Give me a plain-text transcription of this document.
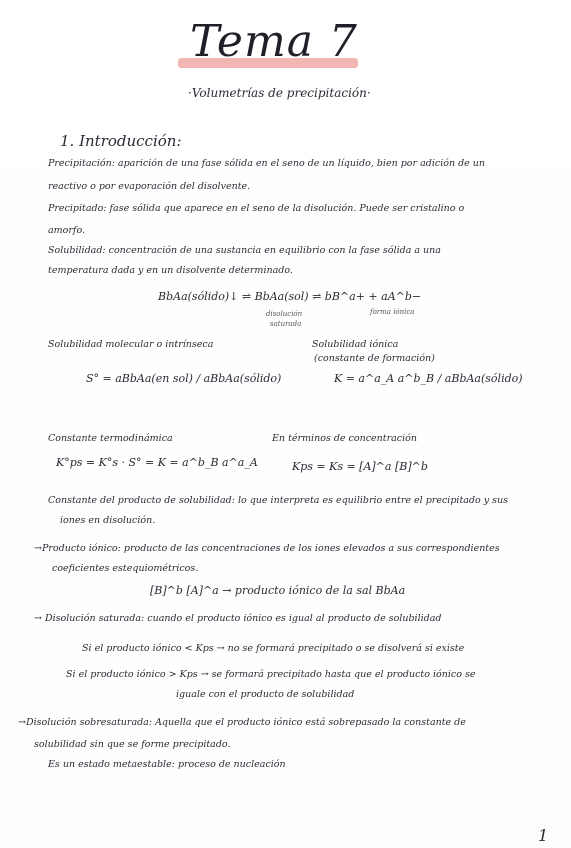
Tema 7
·Volumetrías de precipitación·
1. Introducción:
Precipitación: aparición de una fase sólida en el seno de un líquido, bien por adición de un
reactivo o por evaporación del disolvente.
Precipitado: fase sólida que aparece en el seno de la disolución. Puede ser cristalino o
amorfo.
Solubilidad: concentración de una sustancia en equilibrio con la fase sólida a una
temperatura dada y en un disolvente determinado.
BbAa(sólido)↓ ⇌ BbAa(sol) ⇌ bB^a+ + aA^b−
disolución
saturada
forma iónica
Solubilidad molecular o intrínseca	Solubilidad iónica
(constante de formación)
S° = aBbAa(en sol) / aBbAa(sólido)	K = a^a_A a^b_B / aBbAa(sólido)
Constante termodinámica	En términos de concentración
K°ps = K°s · S° = K = a^b_B a^a_A	Kps = Ks = [A]^a [B]^b
Constante del producto de solubilidad: lo que interpreta es equilibrio entre el precipitado y sus
iones en disolución.
→Producto iónico: producto de las concentraciones de los iones elevados a sus correspondientes
coeficientes estequiométricos.
[B]^b [A]^a → producto iónico de la sal BbAa
→ Disolución saturada: cuando el producto iónico es igual al producto de solubilidad
Si el producto iónico < Kps → no se formará precipitado o se disolverá si existe
Si el producto iónico > Kps → se formará precipitado hasta que el producto iónico se
iguale con el producto de solubilidad
→Disolución sobresaturada: Aquella que el producto iónico está sobrepasado la constante de
solubilidad sin que se forme precipitado.
Es un estado metaestable: proceso de nucleación
1
